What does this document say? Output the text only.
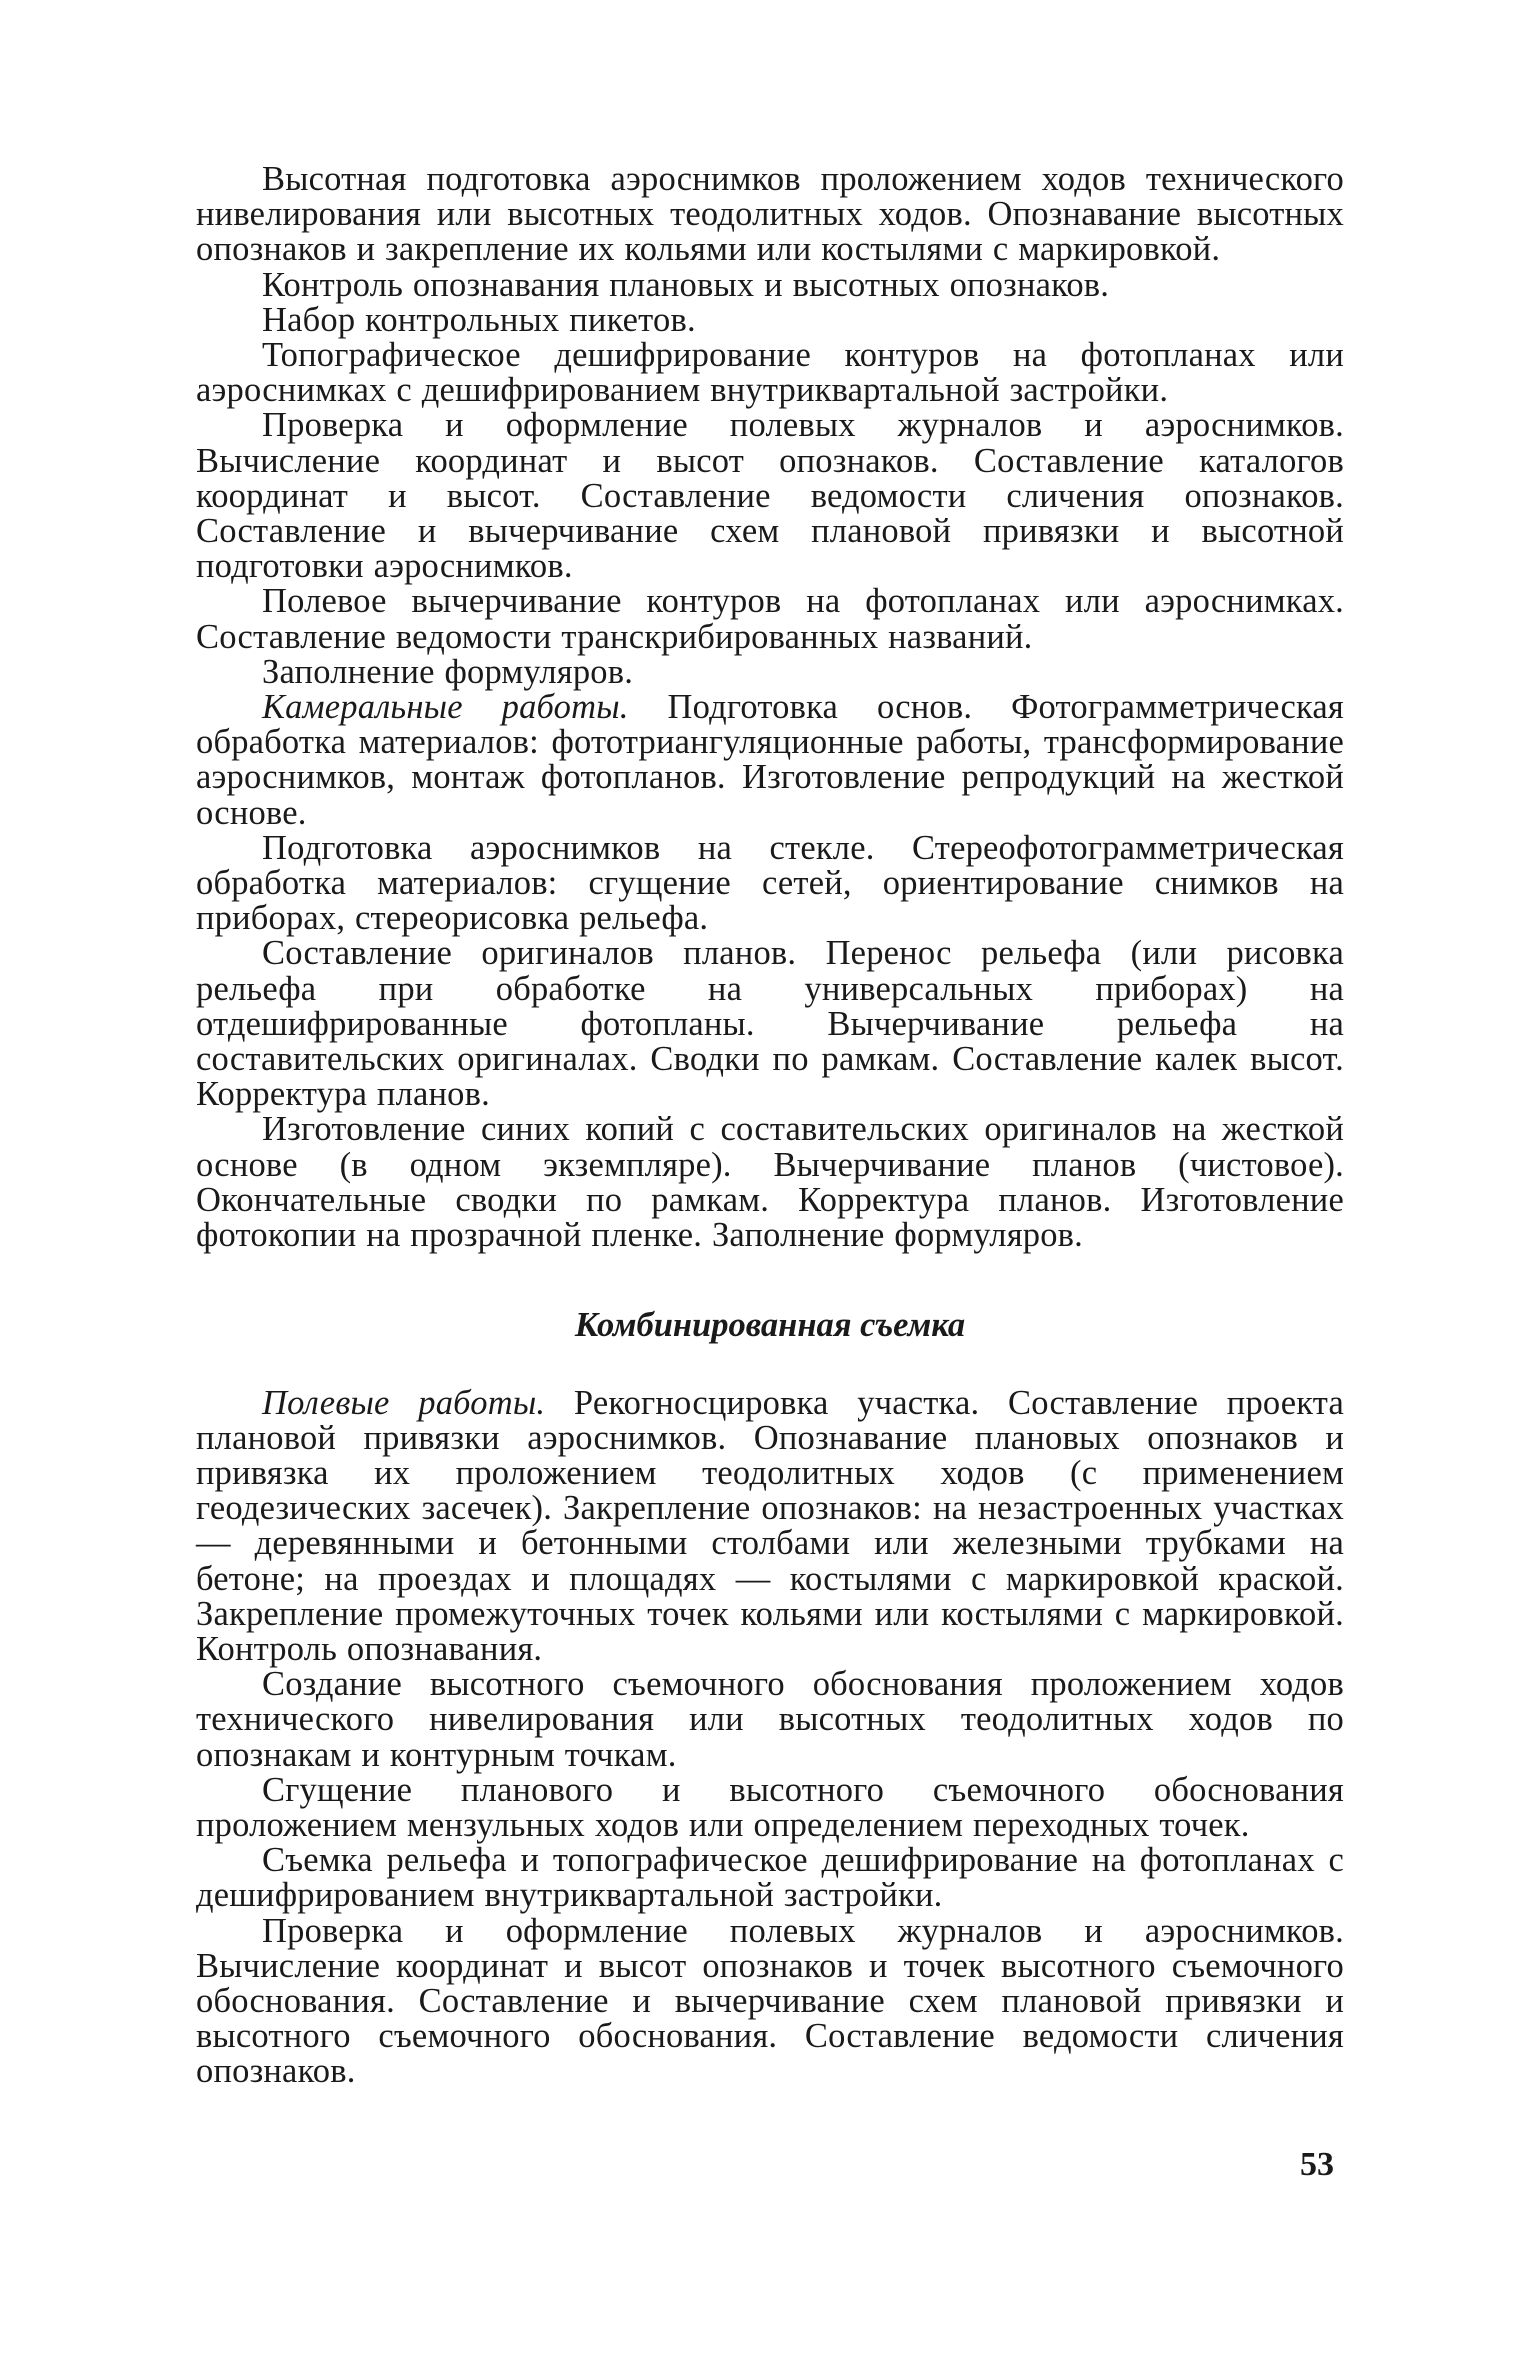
Высотная подготовка аэроснимков проложением ходов технического нивелирования или высотных теодолитных ходов. Опознавание высотных опознаков и закрепление их кольями или костылями с маркировкой.

Контроль опознавания плановых и высотных опознаков.

Набор контрольных пикетов.

Топографическое дешифрирование контуров на фотопланах или аэроснимках с дешифрированием внутриквартальной застройки.

Проверка и оформление полевых журналов и аэроснимков. Вычисление координат и высот опознаков. Составление каталогов координат и высот. Составление ведомости сличения опознаков. Составление и вычерчивание схем плановой привязки и высотной подготовки аэроснимков.

Полевое вычерчивание контуров на фотопланах или аэроснимках. Составление ведомости транскрибированных названий.

Заполнение формуляров.

Камеральные работы. Подготовка основ. Фотограмметрическая обработка материалов: фототриангуляционные работы, трансформирование аэроснимков, монтаж фотопланов. Изготовление репродукций на жесткой основе.

Подготовка аэроснимков на стекле. Стереофотограмметрическая обработка материалов: сгущение сетей, ориентирование снимков на приборах, стереорисовка рельефа.

Составление оригиналов планов. Перенос рельефа (или рисовка рельефа при обработке на универсальных приборах) на отдешифрированные фотопланы. Вычерчивание рельефа на составительских оригиналах. Сводки по рамкам. Составление калек высот. Корректура планов.

Изготовление синих копий с составительских оригиналов на жесткой основе (в одном экземпляре). Вычерчивание планов (чистовое). Окончательные сводки по рамкам. Корректура планов. Изготовление фотокопии на прозрачной пленке. Заполнение формуляров.

Комбинированная съемка

Полевые работы. Рекогносцировка участка. Составление проекта плановой привязки аэроснимков. Опознавание плановых опознаков и привязка их проложением теодолитных ходов (с применением геодезических засечек). Закрепление опознаков: на незастроенных участках — деревянными и бетонными столбами или железными трубками на бетоне; на проездах и площадях — костылями с маркировкой краской. Закрепление промежуточных точек кольями или костылями с маркировкой. Контроль опознавания.

Создание высотного съемочного обоснования проложением ходов технического нивелирования или высотных теодолитных ходов по опознакам и контурным точкам.

Сгущение планового и высотного съемочного обоснования проложением мензульных ходов или определением переходных точек.

Съемка рельефа и топографическое дешифрирование на фотопланах с дешифрированием внутриквартальной застройки.

Проверка и оформление полевых журналов и аэроснимков. Вычисление координат и высот опознаков и точек высотного съемочного обоснования. Составление и вычерчивание схем плановой привязки и высотного съемочного обоснования. Составление ведомости сличения опознаков.

53
